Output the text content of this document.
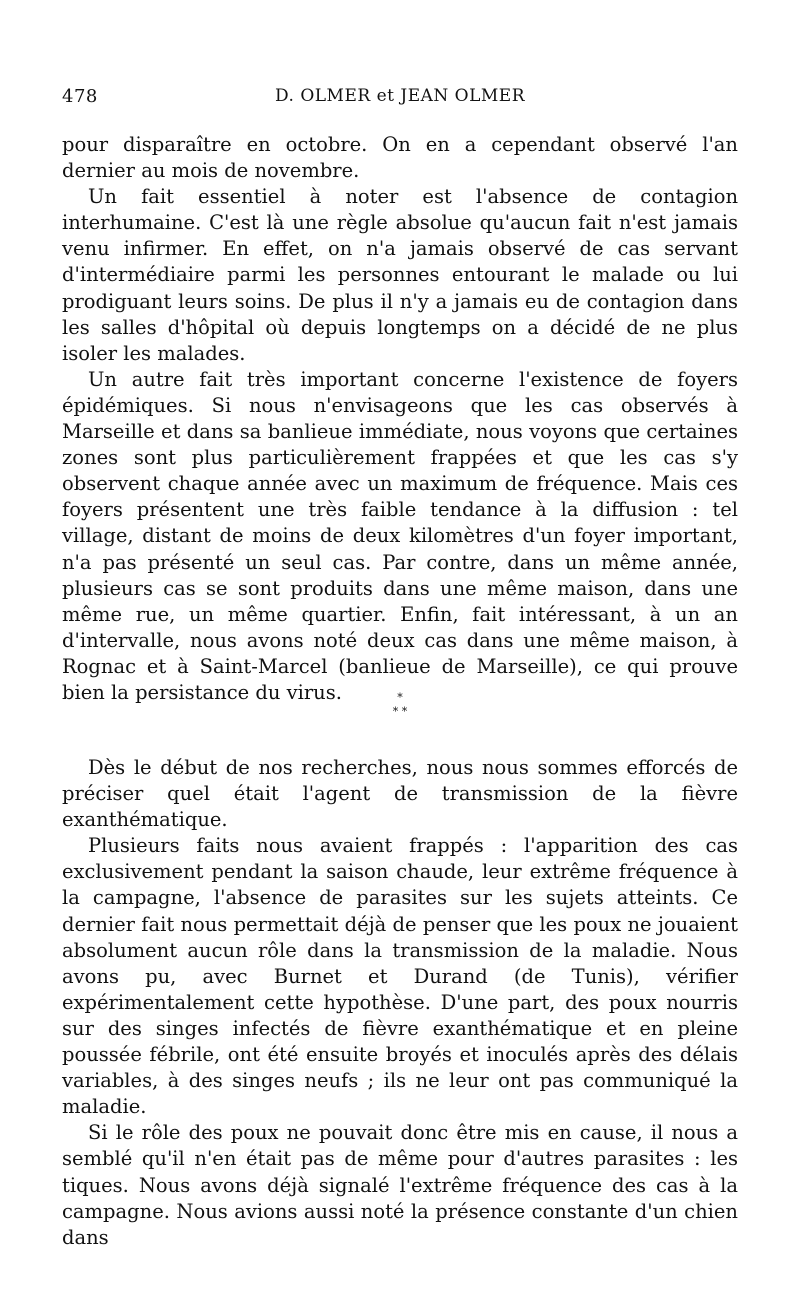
478	D. OLMER et JEAN OLMER

pour disparaître en octobre. On en a cependant observé l'an dernier au mois de novembre.

Un fait essentiel à noter est l'absence de contagion interhumaine. C'est là une règle absolue qu'aucun fait n'est jamais venu infirmer. En effet, on n'a jamais observé de cas servant d'intermédiaire parmi les personnes entourant le malade ou lui prodiguant leurs soins. De plus il n'y a jamais eu de contagion dans les salles d'hôpital où depuis longtemps on a décidé de ne plus isoler les malades.

Un autre fait très important concerne l'existence de foyers épidémiques. Si nous n'envisageons que les cas observés à Marseille et dans sa banlieue immédiate, nous voyons que certaines zones sont plus particulièrement frappées et que les cas s'y observent chaque année avec un maximum de fréquence. Mais ces foyers présentent une très faible tendance à la diffusion : tel village, distant de moins de deux kilomètres d'un foyer important, n'a pas présenté un seul cas. Par contre, dans un même année, plusieurs cas se sont produits dans une même maison, dans une même rue, un même quartier. Enfin, fait intéressant, à un an d'intervalle, nous avons noté deux cas dans une même maison, à Rognac et à Saint-Marcel (banlieue de Marseille), ce qui prouve bien la persistance du virus.	*
* *

Dès le début de nos recherches, nous nous sommes efforcés de préciser quel était l'agent de transmission de la fièvre exanthématique.

Plusieurs faits nous avaient frappés : l'apparition des cas exclusivement pendant la saison chaude, leur extrême fréquence à la campagne, l'absence de parasites sur les sujets atteints. Ce dernier fait nous permettait déjà de penser que les poux ne jouaient absolument aucun rôle dans la transmission de la maladie. Nous avons pu, avec Burnet et Durand (de Tunis), vérifier expérimentalement cette hypothèse. D'une part, des poux nourris sur des singes infectés de fièvre exanthématique et en pleine poussée fébrile, ont été ensuite broyés et inoculés après des délais variables, à des singes neufs ; ils ne leur ont pas communiqué la maladie.

Si le rôle des poux ne pouvait donc être mis en cause, il nous a semblé qu'il n'en était pas de même pour d'autres parasites : les tiques. Nous avons déjà signalé l'extrême fréquence des cas à la campagne. Nous avions aussi noté la présence constante d'un chien dans
